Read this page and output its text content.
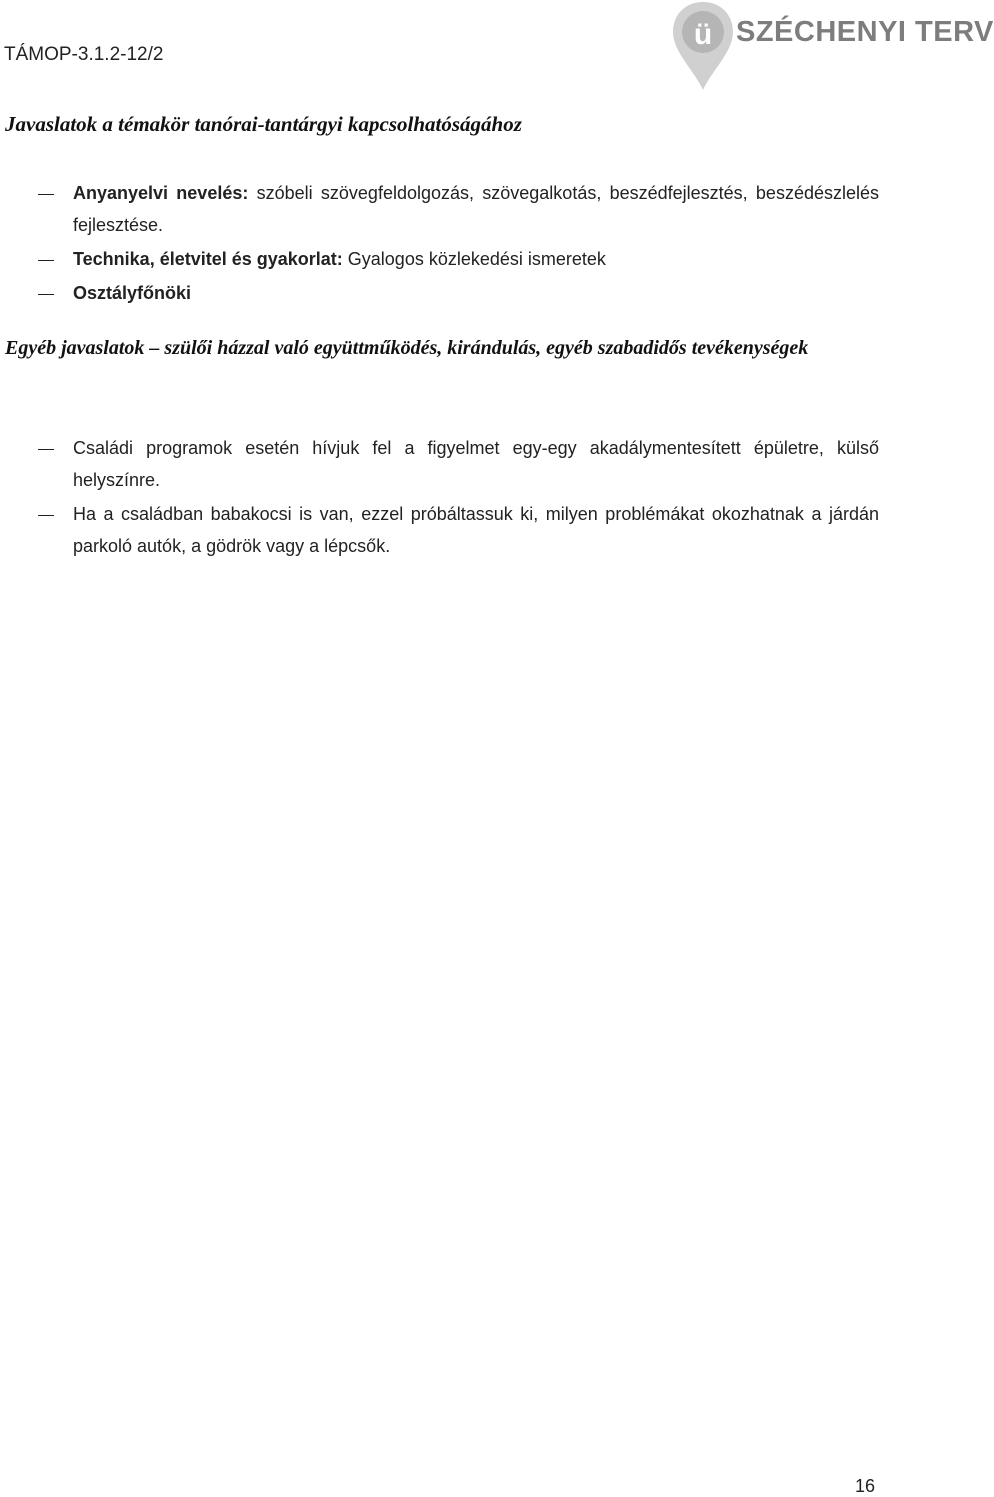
TÁMOP-3.1.2-12/2
ü SZÉCHENYI TERV
Javaslatok a témakör tanórai-tantárgyi kapcsolhatóságához
Anyanyelvi nevelés: szóbeli szövegfeldolgozás, szövegalkotás, beszédfejlesztés, beszédészlelés fejlesztése.
Technika, életvitel és gyakorlat: Gyalogos közlekedési ismeretek
Osztályfőnöki
Egyéb javaslatok – szülői házzal való együttműködés, kirándulás, egyéb szabadidős tevékenységek
Családi programok esetén hívjuk fel a figyelmet egy-egy akadálymentesített épületre, külső helyszínre.
Ha a családban babakocsi is van, ezzel próbáltassuk ki, milyen problémákat okozhatnak a járdán parkoló autók, a gödrök vagy a lépcsők.
16
